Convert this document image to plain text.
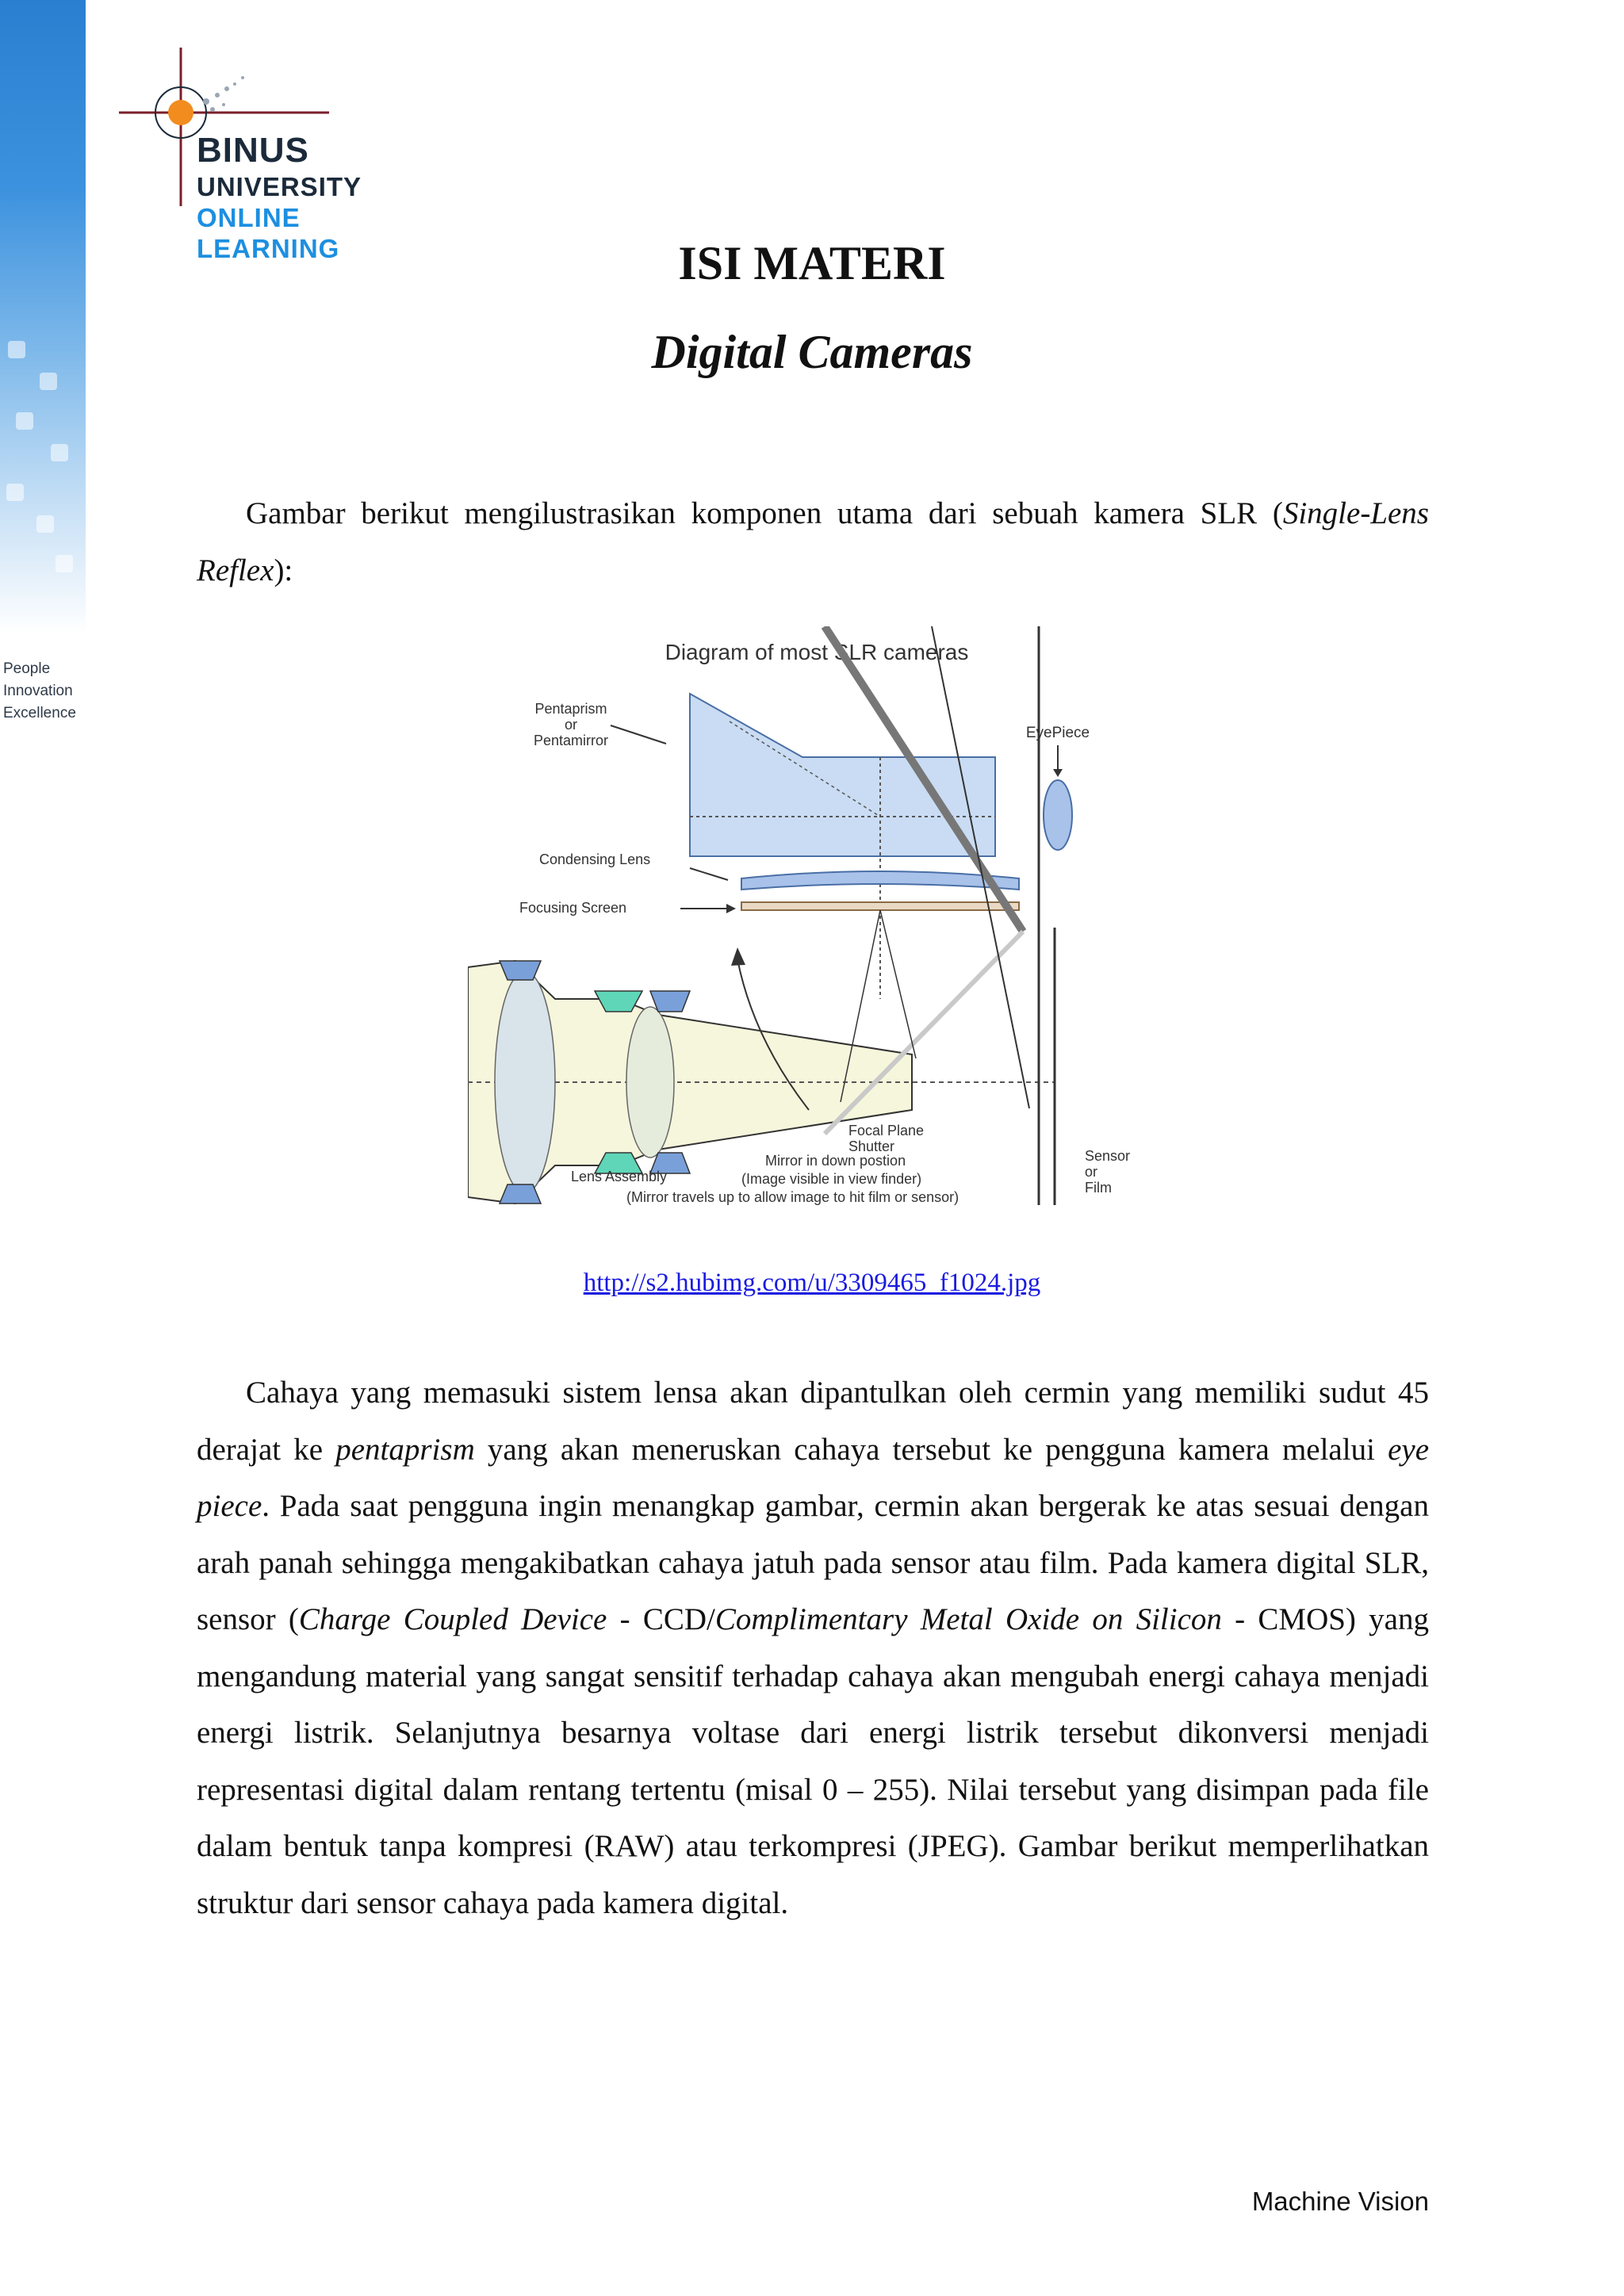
People
Innovation
Excellence
BINUS
UNIVERSITY
ONLINE
LEARNING	ISI MATERI
Digital Cameras
Gambar berikut mengilustrasikan komponen utama dari sebuah kamera SLR (Single-Lens Reflex):
Diagram of most SLR cameras
EyePiece
Pentaprism
or
Pentamirror
Condensing Lens
Focusing Screen
Focal Plane
Shutter
Sensor
or
Film
Lens Assembly
Mirror in down postion
(Image visible in view finder)
(Mirror travels up to allow image to hit film or sensor)
http://s2.hubimg.com/u/3309465_f1024.jpg
Cahaya yang memasuki sistem lensa akan dipantulkan oleh cermin yang memiliki sudut 45 derajat ke pentaprism yang akan meneruskan cahaya tersebut ke pengguna kamera melalui eye piece. Pada saat pengguna ingin menangkap gambar, cermin akan bergerak ke atas sesuai dengan arah panah sehingga mengakibatkan cahaya jatuh pada sensor atau film. Pada kamera digital SLR, sensor (Charge Coupled Device - CCD/Complimentary Metal Oxide on Silicon - CMOS) yang mengandung material yang sangat sensitif terhadap cahaya akan mengubah energi cahaya menjadi energi listrik. Selanjutnya besarnya voltase dari energi listrik tersebut dikonversi menjadi representasi digital dalam rentang tertentu (misal 0 – 255). Nilai tersebut yang disimpan pada file dalam bentuk tanpa kompresi (RAW) atau terkompresi (JPEG). Gambar berikut memperlihatkan struktur dari sensor cahaya pada kamera digital.
Machine Vision
